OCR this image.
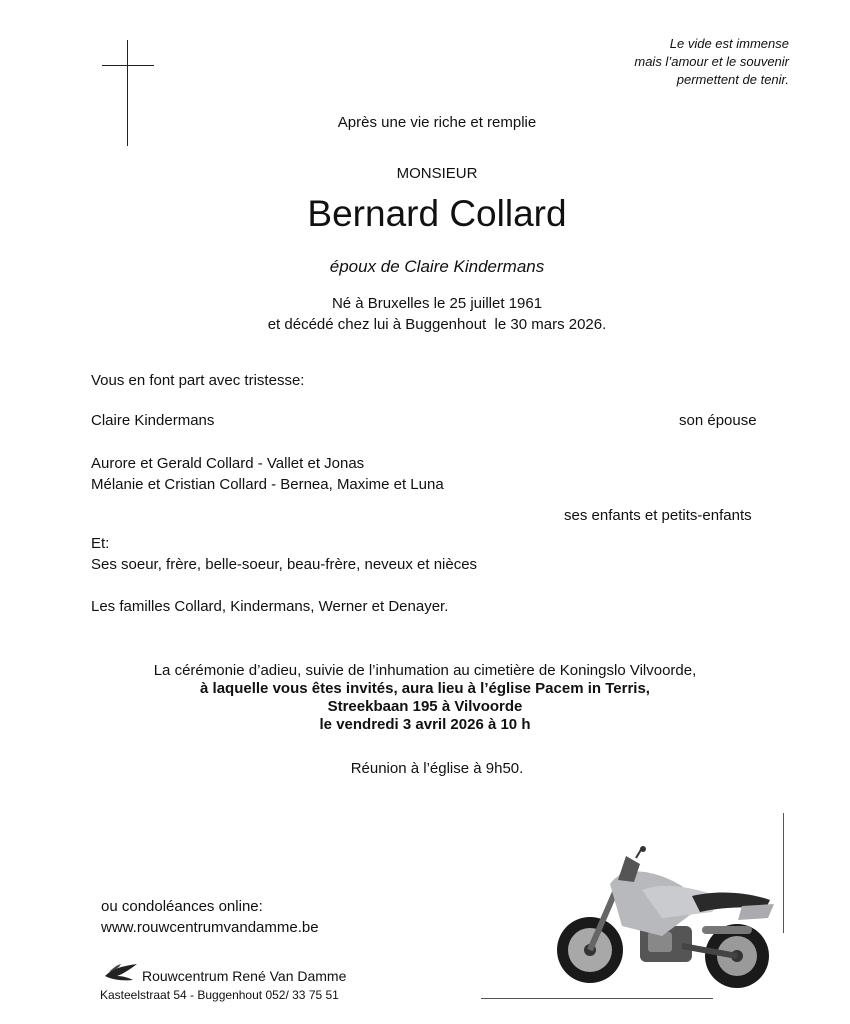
Le vide est immense
mais l’amour et le souvenir
permettent de tenir.
Après une vie riche et remplie
MONSIEUR
Bernard Collard
époux de Claire Kindermans
Né à Bruxelles le 25 juillet 1961
et décédé chez lui à Buggenhout  le 30 mars 2026.
Vous en font part avec tristesse:
Claire Kindermans	son épouse
Aurore et Gerald Collard - Vallet et Jonas
Mélanie et Cristian Collard - Bernea, Maxime et Luna
ses enfants et petits-enfants
Et:
Ses soeur, frère, belle-soeur, beau-frère, neveux et nièces
Les familles Collard, Kindermans, Werner et Denayer.
La cérémonie d’adieu, suivie de l’inhumation au cimetière de Koningslo Vilvoorde,
à laquelle vous êtes invités, aura lieu à l’église Pacem in Terris,
Streekbaan 195 à Vilvoorde
le vendredi 3 avril 2026 à 10 h
Réunion à l’église à 9h50.
ou condoléances online:
www.rouwcentrumvandamme.be
Rouwcentrum René Van Damme
Kasteelstraat 54 - Buggenhout 052/ 33 75 51
